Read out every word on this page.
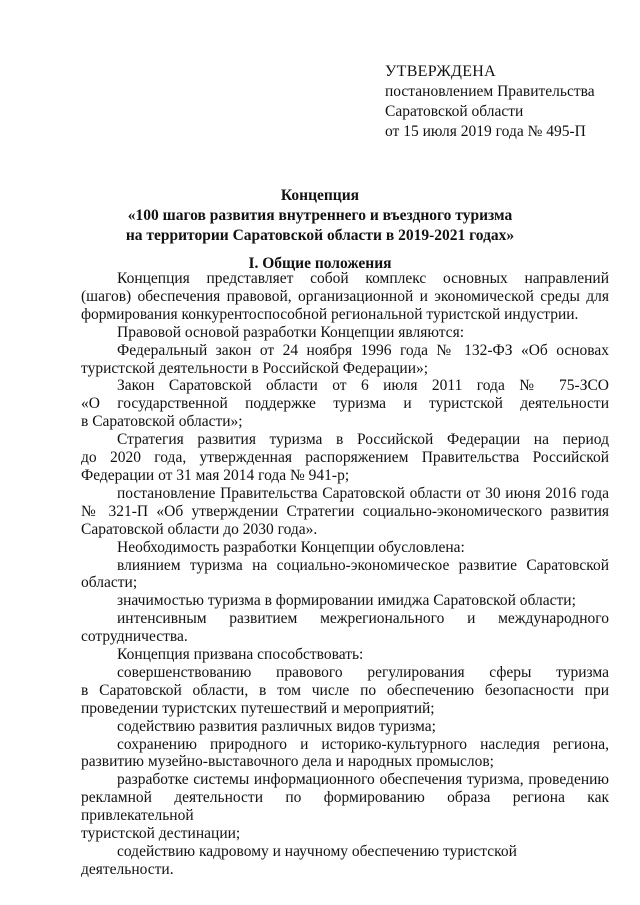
УТВЕРЖДЕНА
постановлением Правительства
Саратовской области
от 15 июля 2019 года № 495-П
Концепция
«100 шагов развития внутреннего и въездного туризма
на территории Саратовской области в 2019-2021 годах»
I. Общие положения
Концепция представляет собой комплекс основных направлений
(шагов) обеспечения правовой, организационной и экономической среды для
формирования конкурентоспособной региональной туристской индустрии.
Правовой основой разработки Концепции являются:
Федеральный закон от 24 ноября 1996 года № 132-ФЗ «Об основах
туристской деятельности в Российской Федерации»;
Закон Саратовской области от 6 июля 2011 года № 75-ЗСО
«О государственной поддержке туризма и туристской деятельности
в Саратовской области»;
Стратегия развития туризма в Российской Федерации на период
до 2020 года, утвержденная распоряжением Правительства Российской
Федерации от 31 мая 2014 года № 941-р;
постановление Правительства Саратовской области от 30 июня 2016 года
№ 321-П «Об утверждении Стратегии социально-экономического развития
Саратовской области до 2030 года».
Необходимость разработки Концепции обусловлена:
влиянием туризма на социально-экономическое развитие Саратовской
области;
значимостью туризма в формировании имиджа Саратовской области;
интенсивным развитием межрегионального и международного
сотрудничества.
Концепция призвана способствовать:
совершенствованию правового регулирования сферы туризма
в Саратовской области, в том числе по обеспечению безопасности при
проведении туристских путешествий и мероприятий;
содействию развития различных видов туризма;
сохранению природного и историко-культурного наследия региона,
развитию музейно-выставочного дела и народных промыслов;
разработке системы информационного обеспечения туризма, проведению
рекламной деятельности по формированию образа региона как привлекательной
туристской дестинации;
содействию кадровому и научному обеспечению туристской деятельности.
